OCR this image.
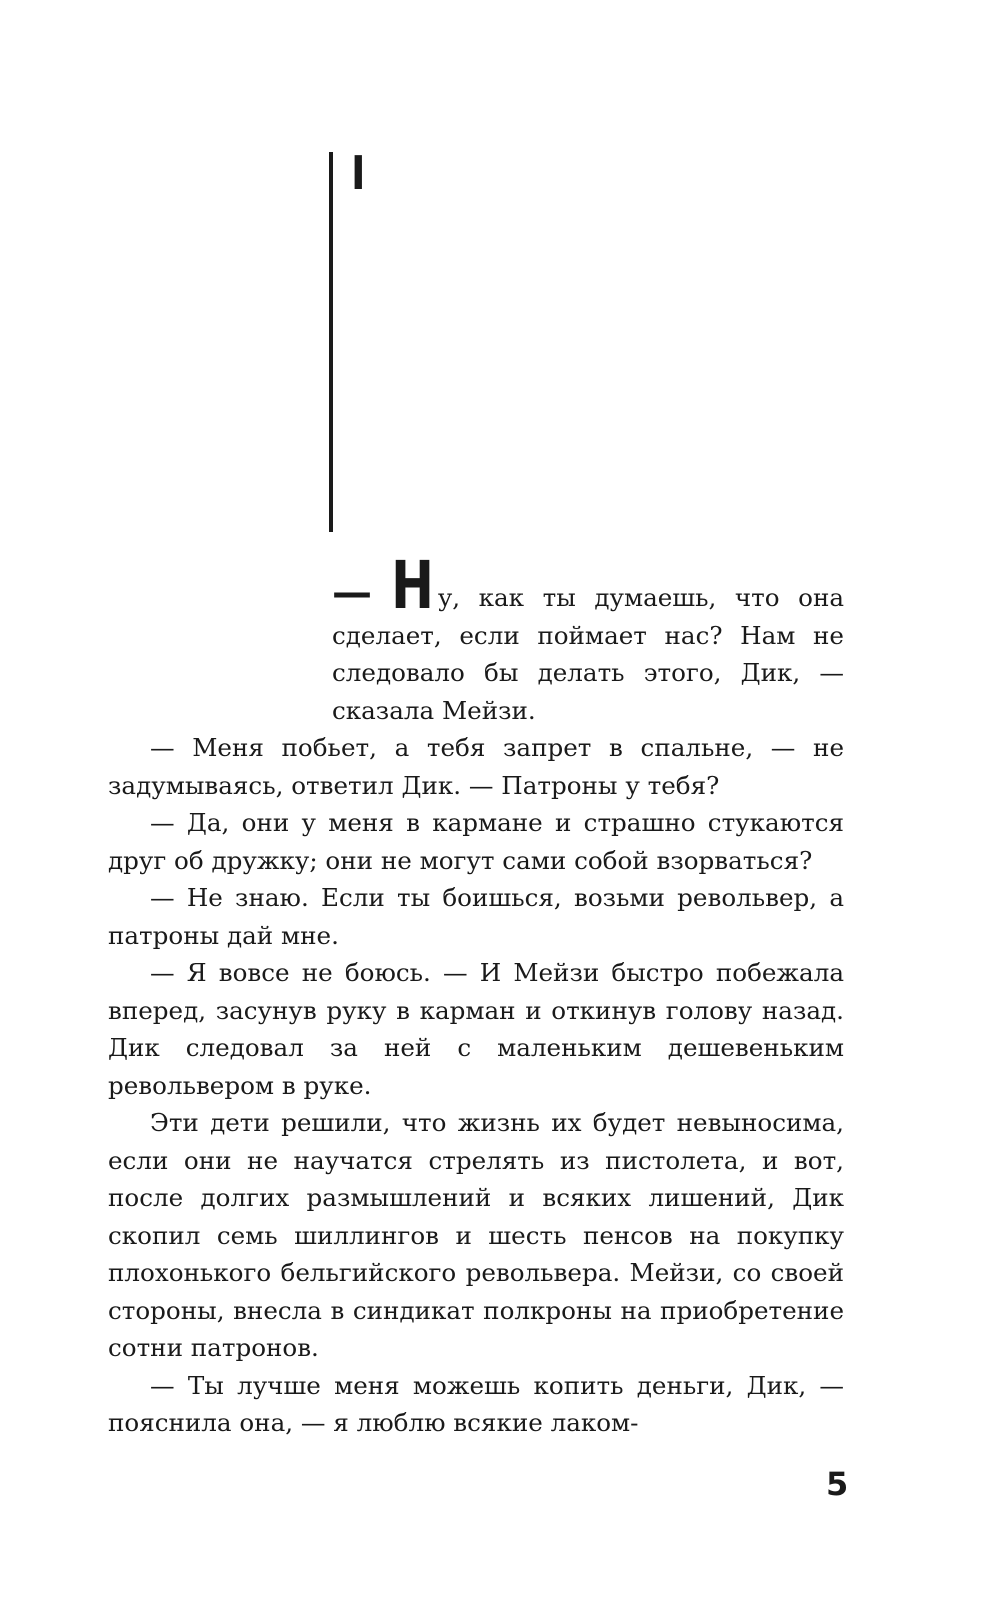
I

— Н у, как ты думаешь, что она сделает, если поймает нас? Нам не следовало бы делать этого, Дик, — сказала Мейзи.

— Меня побьет, а тебя запрет в спальне, — не задумываясь, ответил Дик. — Патроны у тебя?

— Да, они у меня в кармане и страшно стукаются друг об дружку; они не могут сами собой взорваться?

— Не знаю. Если ты боишься, возьми револьвер, а патроны дай мне.

— Я вовсе не боюсь. — И Мейзи быстро побежала вперед, засунув руку в карман и откинув голову назад. Дик следовал за ней с маленьким дешевеньким револьвером в руке.

Эти дети решили, что жизнь их будет невыносима, если они не научатся стрелять из пистолета, и вот, после долгих размышлений и всяких лишений, Дик скопил семь шиллингов и шесть пенсов на покупку плохонького бельгийского револьвера. Мейзи, со своей стороны, внесла в синдикат полкроны на приобретение сотни патронов.

— Ты лучше меня можешь копить деньги, Дик, — пояснила она, — я люблю всякие лаком-

5
